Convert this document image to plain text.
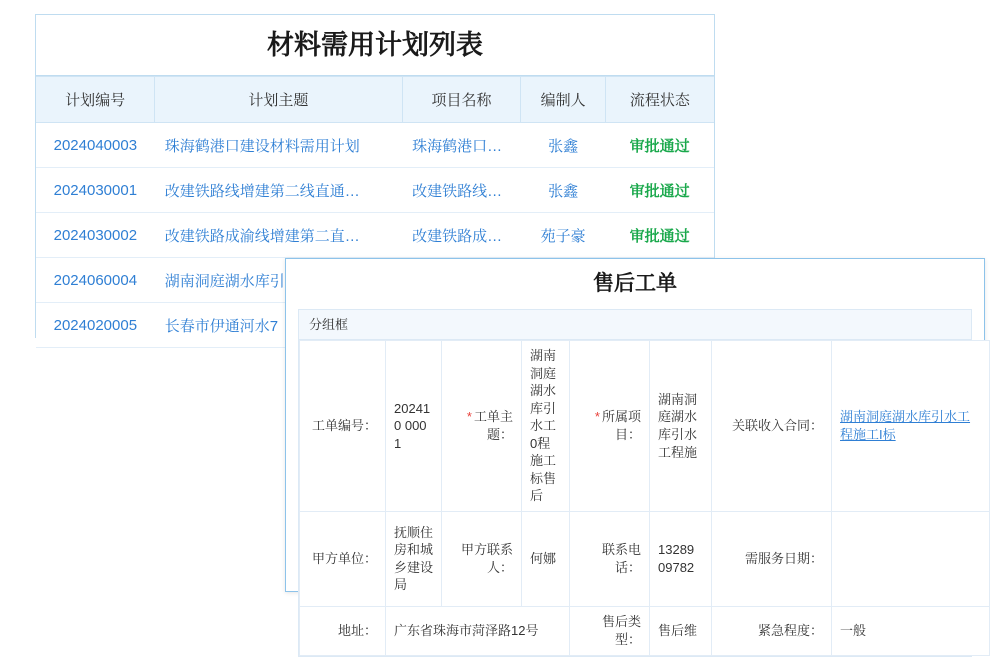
材料需用计划列表
计划编号	计划主题	项目名称	编制人	流程状态
2024040003	珠海鹤港口建设材料需用计划	珠海鹤港口…	张鑫	审批通过
2024030001	改建铁路线增建第二线直通…	改建铁路线…	张鑫	审批通过
2024030002	改建铁路成渝线增建第二直…	改建铁路成…	苑子豪	审批通过
2024060004	湖南洞庭湖水库引			
2024020005	长春市伊通河水7			
售后工单
分组框
工单编号：	202410 0001	* 工单主题：	湖南洞庭湖水库引水工0程施工标售后	* 所属项目：	湖南洞庭湖水库引水工程施	关联收入合同：	湖南洞庭湖水库引水工程施工I标
甲方单位：	抚顺住房和城乡建设局	甲方联系人：	何娜	联系电话：	13289 09782	需服务日期：	
地址：	广东省珠海市菏泽路12号			售后类型：	售后维	紧急程度：	一般
